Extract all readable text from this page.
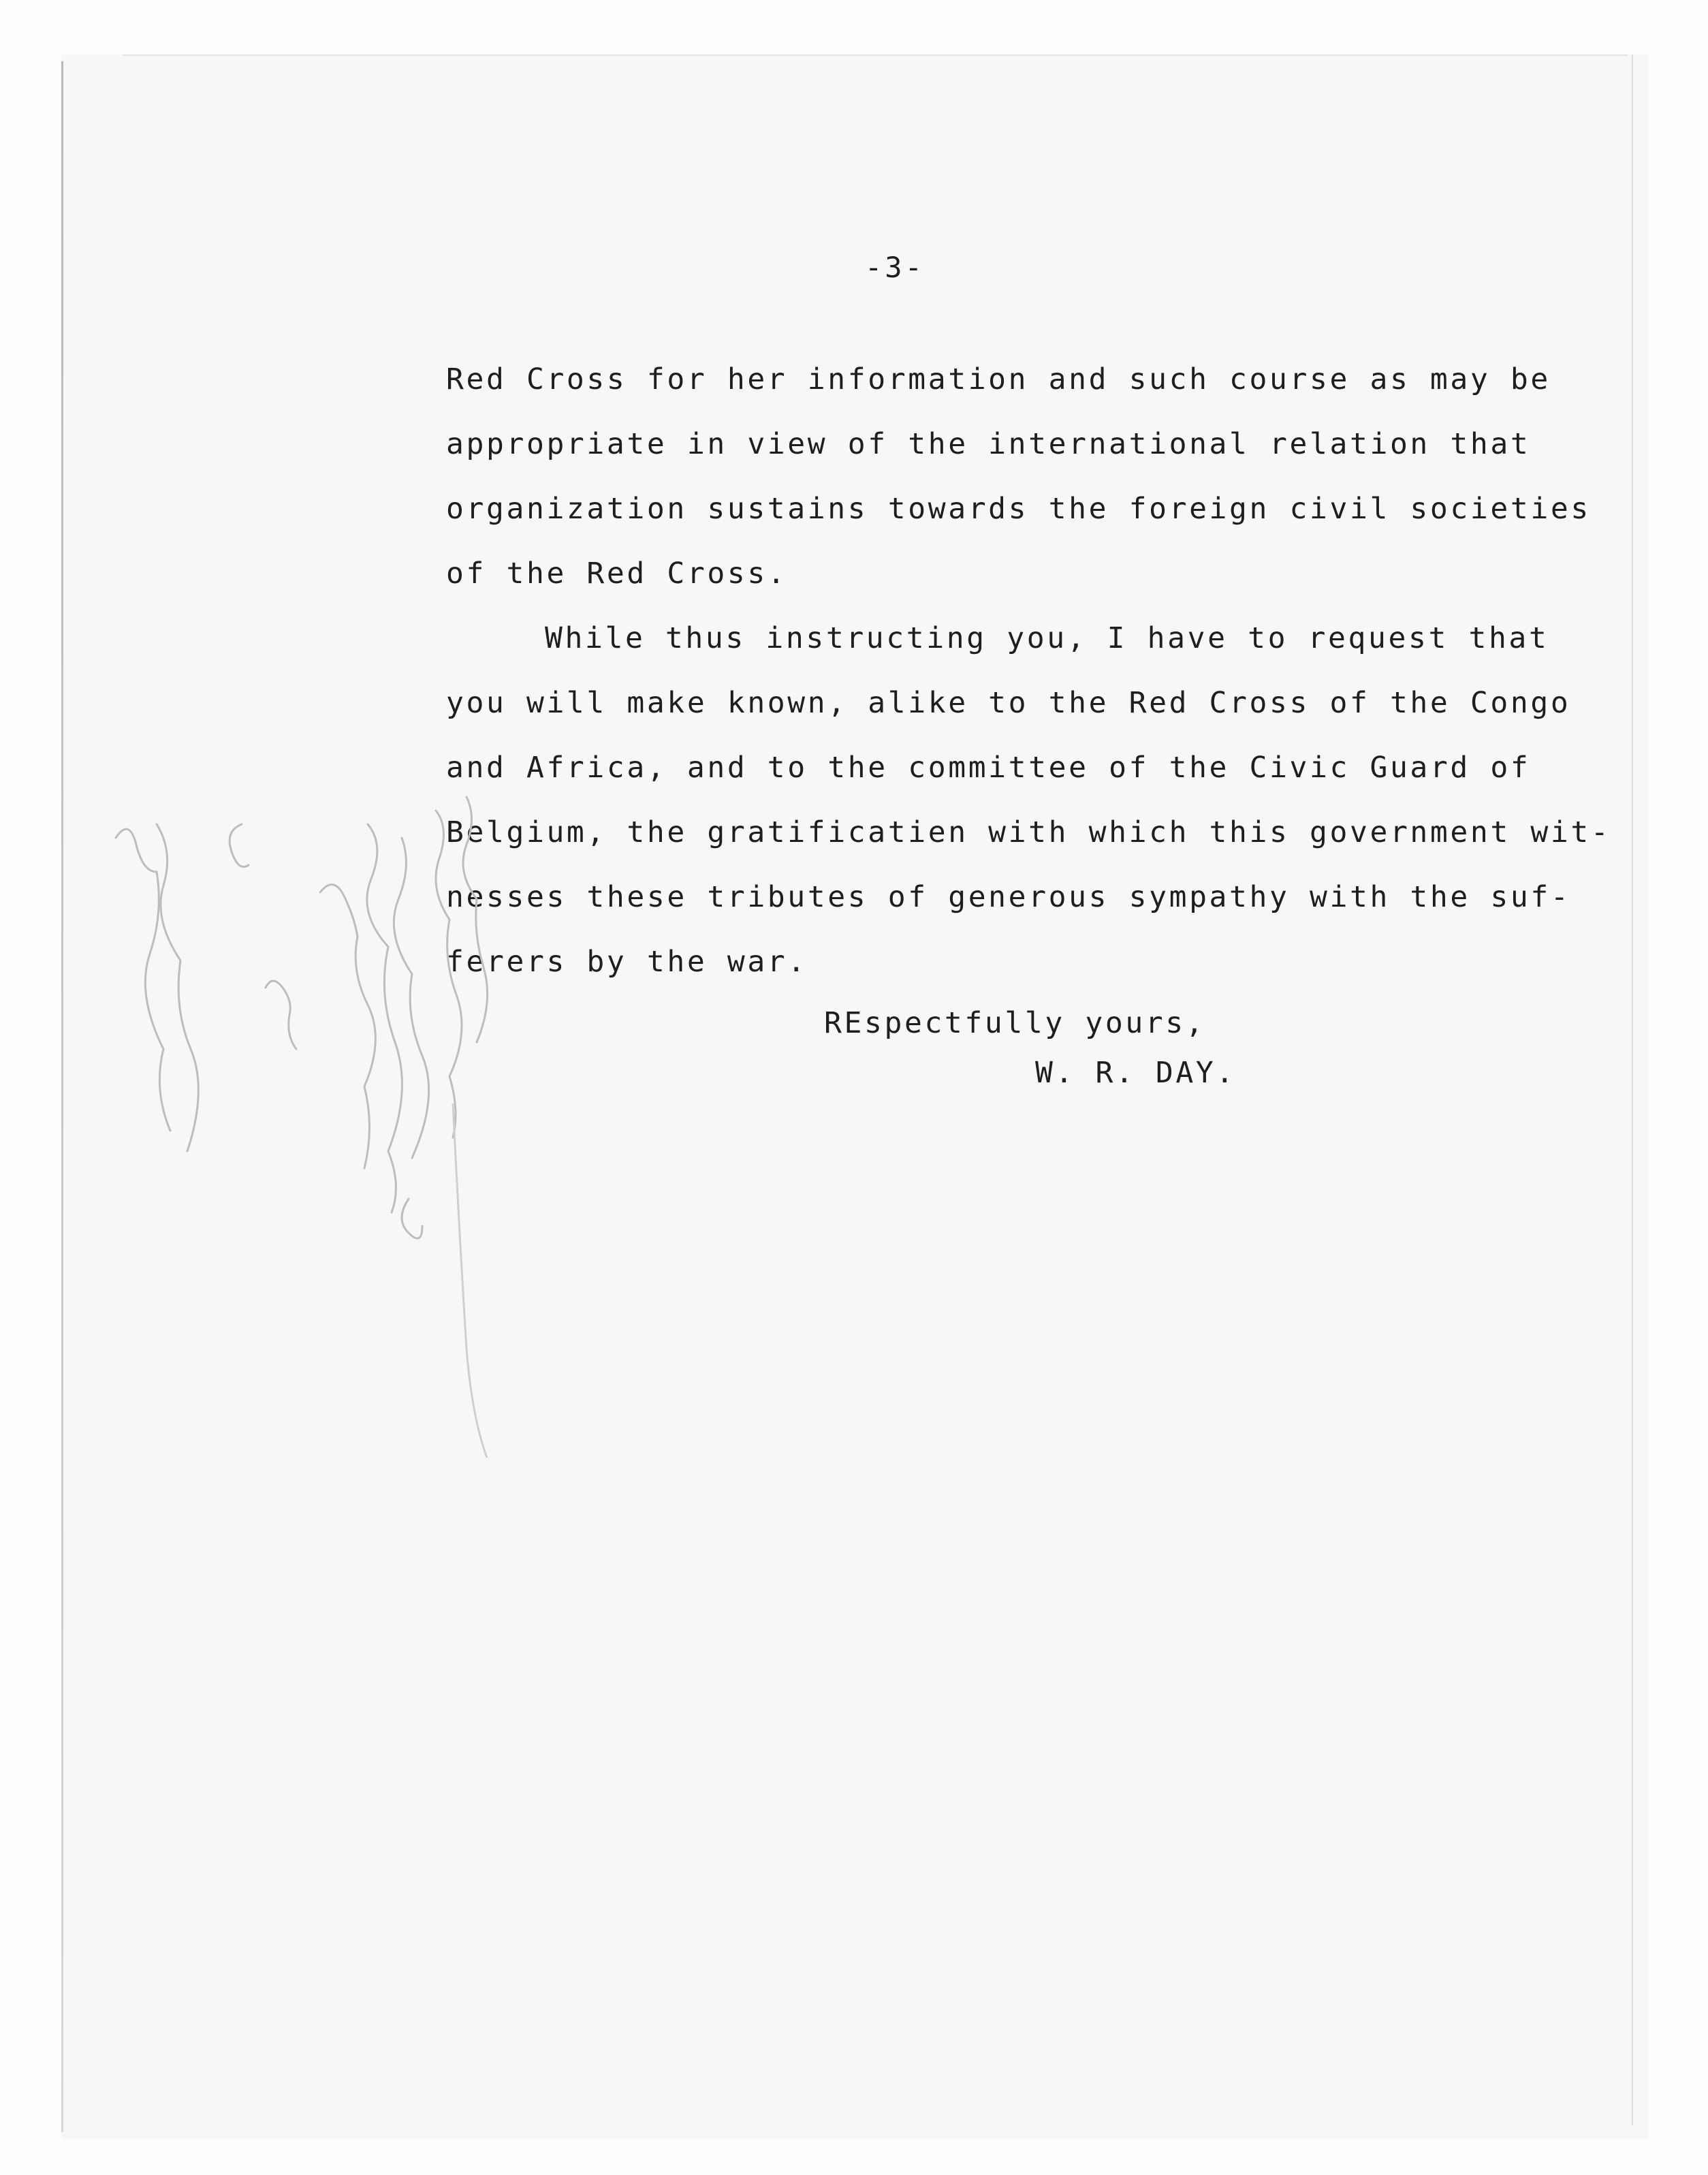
-3-
Red Cross for her information and such course as may be
appropriate in view of the international relation that
organization sustains towards the foreign civil societies
of the Red Cross.
While thus instructing you, I have to request that
you will make known, alike to the Red Cross of the Congo
and Africa, and to the committee of the Civic Guard of
Belgium, the gratificatien with which this government wit-
nesses these tributes of generous sympathy with the suf-
ferers by the war.
REspectfully yours,
W. R. DAY.
